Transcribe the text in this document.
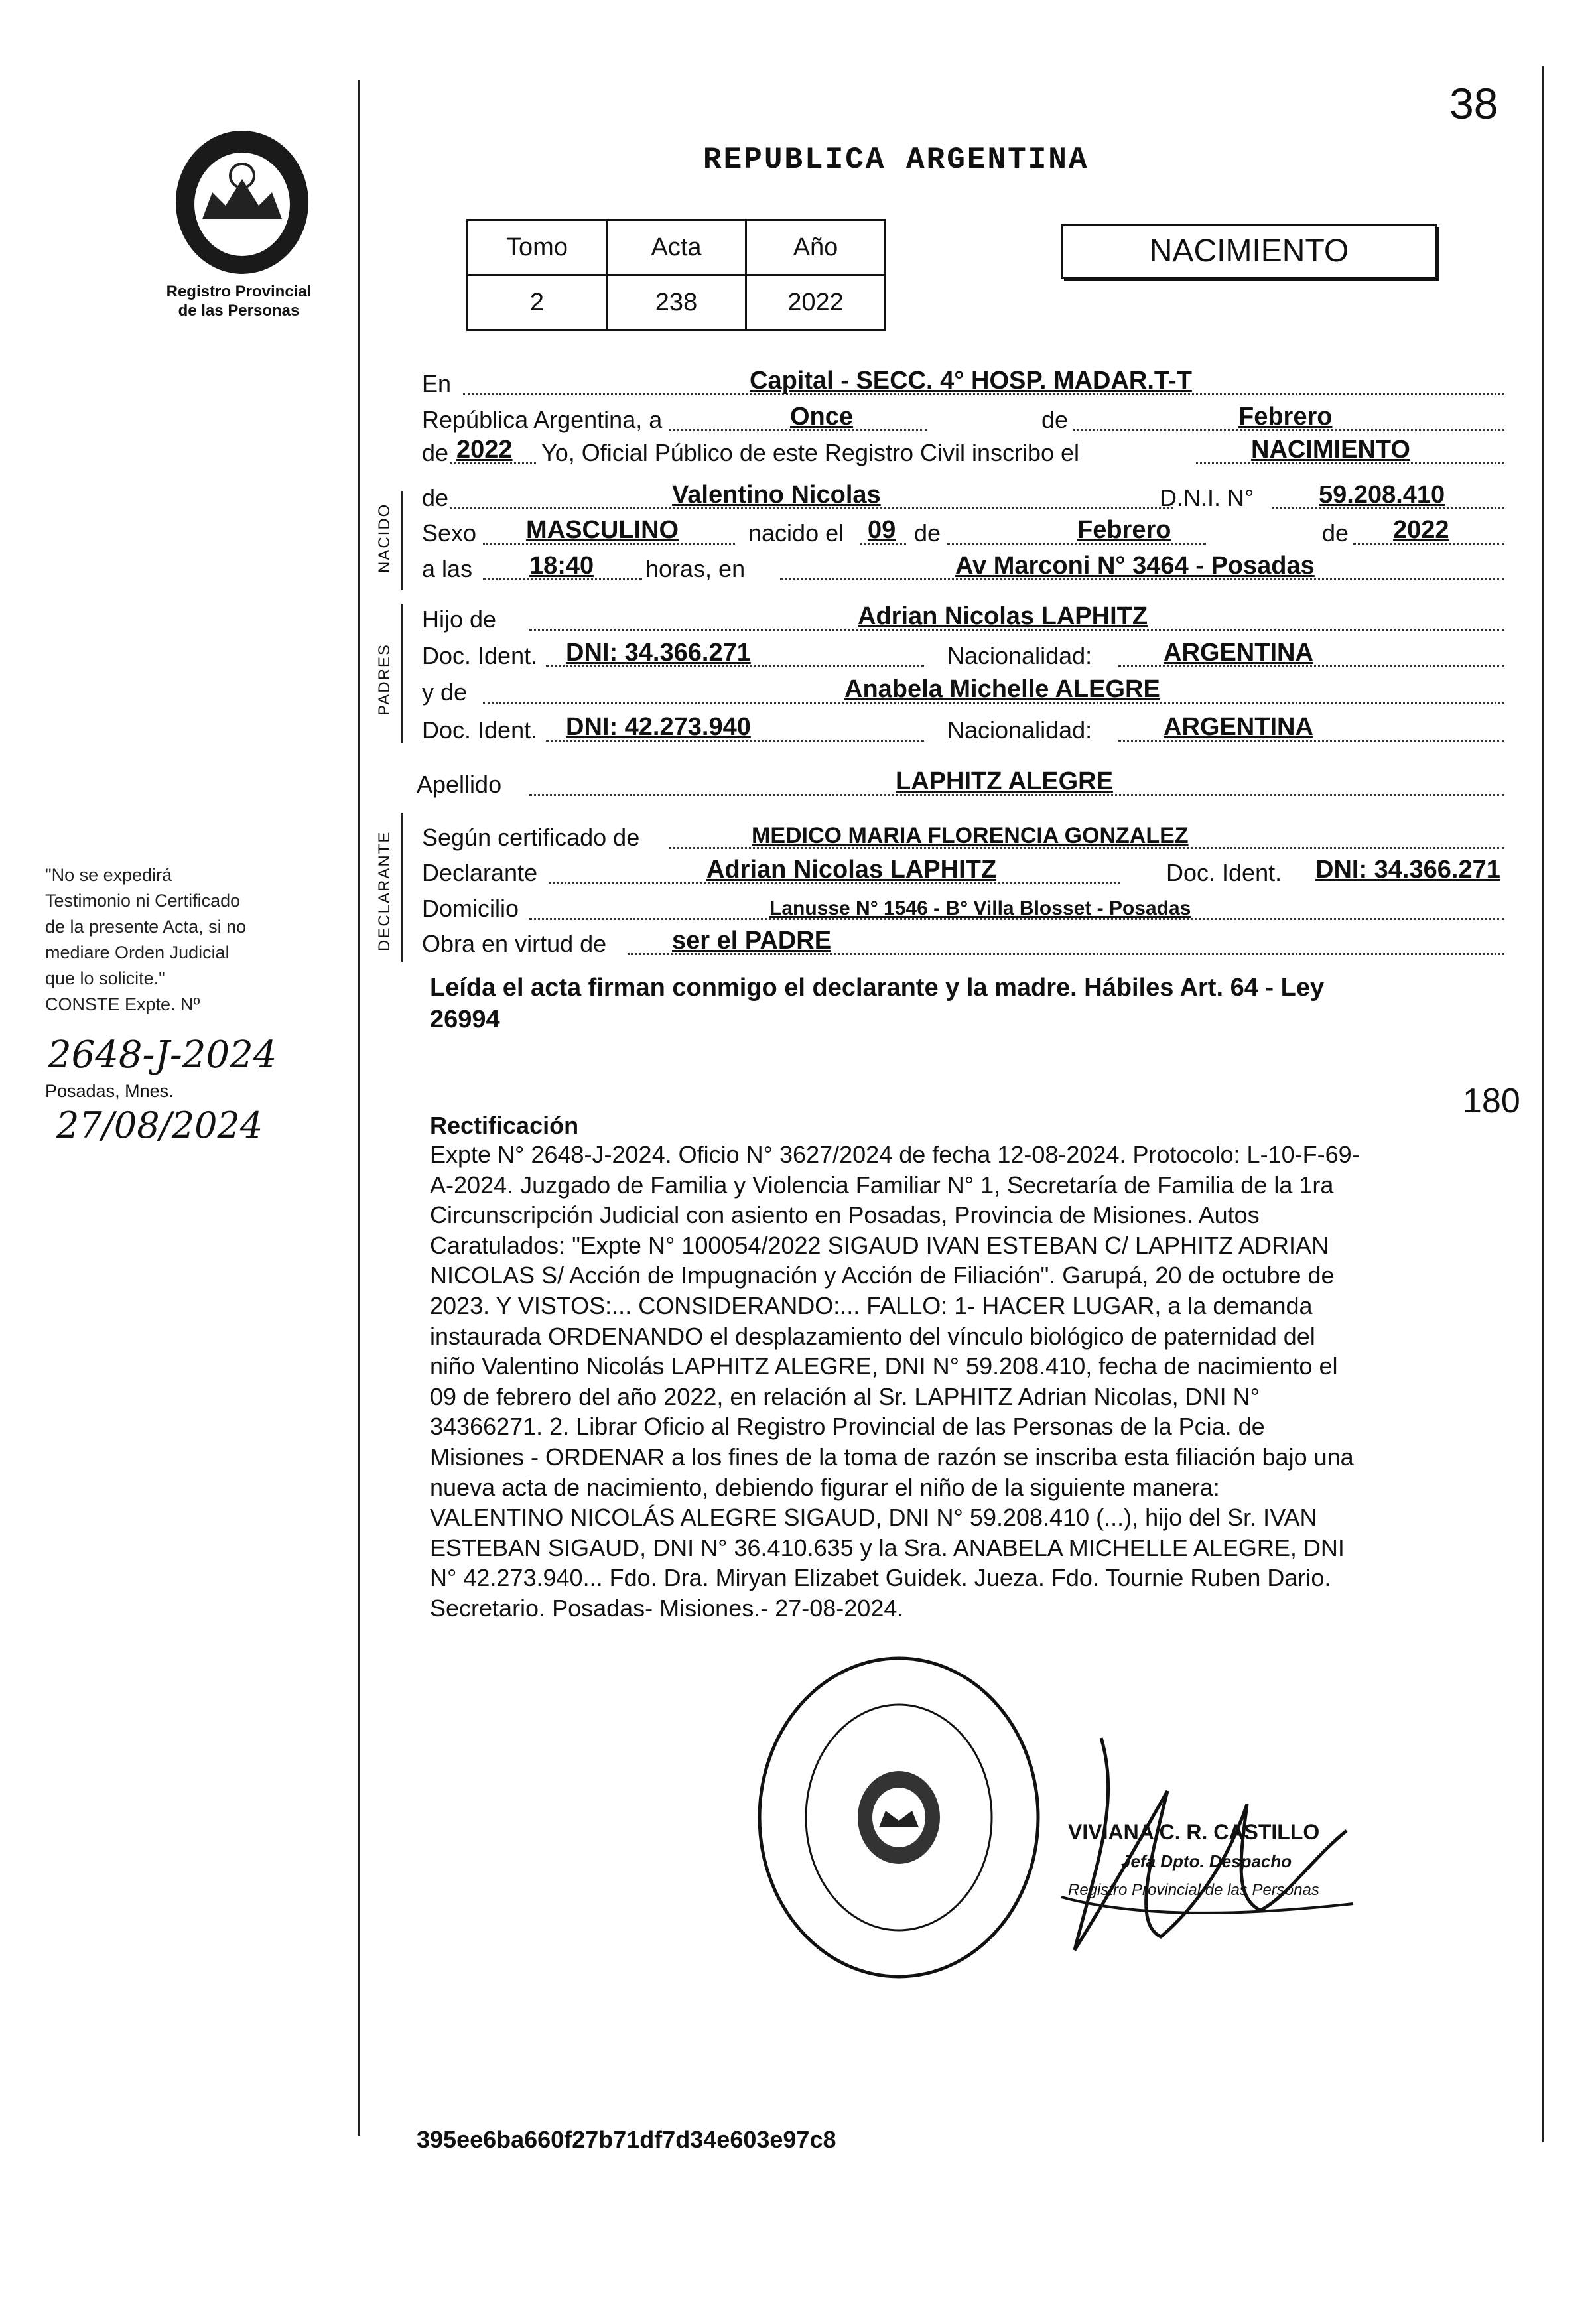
38
Registro Provincial
de las Personas
REPUBLICA ARGENTINA
Tomo	Acta	Año
2	238	2022
NACIMIENTO
NACIDO
PADRES
DECLARANTE
En	Capital - SECC. 4° HOSP. MADAR.T-T
República Argentina, a	Once	de	Febrero
de 2022 Yo, Oficial Público de este Registro Civil inscribo el	NACIMIENTO
de	Valentino Nicolas	D.N.I. N°	59.208.410
Sexo MASCULINO	nacido el 09 de	Febrero	de 2022
a las 18:40 horas, en	Av Marconi N° 3464 - Posadas
Hijo de	Adrian Nicolas LAPHITZ
Doc. Ident. DNI: 34.366.271	Nacionalidad:	ARGENTINA
y de	Anabela Michelle ALEGRE
Doc. Ident. DNI: 42.273.940	Nacionalidad:	ARGENTINA
Apellido	LAPHITZ ALEGRE
Según certificado de	MEDICO MARIA FLORENCIA GONZALEZ
Declarante	Adrian Nicolas LAPHITZ	Doc. Ident. DNI: 34.366.271
Domicilio	Lanusse N° 1546 - B° Villa Blosset - Posadas
Obra en virtud de	ser el PADRE
Leída el acta firman conmigo el declarante y la madre. Hábiles Art. 64 - Ley
26994

"No se expedirá

Testimonio ni Certificado

de la presente Acta, si no

mediare Orden Judicial

que lo solicite."

CONSTE Expte. Nº

2648-J-2024
Posadas, Mnes.
27/08/2024
180
Rectificación
Expte N° 2648-J-2024. Oficio N° 3627/2024 de fecha 12-08-2024. Protocolo: L-10-F-69-
A-2024. Juzgado de Familia y Violencia Familiar N° 1, Secretaría de Familia de la 1ra
Circunscripción Judicial con asiento en Posadas, Provincia de Misiones. Autos
Caratulados: "Expte N° 100054/2022 SIGAUD IVAN ESTEBAN C/ LAPHITZ ADRIAN
NICOLAS S/ Acción de Impugnación y Acción de Filiación". Garupá, 20 de octubre de
2023. Y VISTOS:... CONSIDERANDO:... FALLO: 1- HACER LUGAR, a la demanda
instaurada ORDENANDO el desplazamiento del vínculo biológico de paternidad del
niño Valentino Nicolás LAPHITZ ALEGRE, DNI N° 59.208.410, fecha de nacimiento el
09 de febrero del año 2022, en relación al Sr. LAPHITZ Adrian Nicolas, DNI N°
34366271. 2. Librar Oficio al Registro Provincial de las Personas de la Pcia. de
Misiones - ORDENAR a los fines de la toma de razón se inscriba esta filiación bajo una
nueva acta de nacimiento, debiendo figurar el niño de la siguiente manera:
VALENTINO NICOLÁS ALEGRE SIGAUD, DNI N° 59.208.410 (...), hijo del Sr. IVAN
ESTEBAN SIGAUD, DNI N° 36.410.635 y la Sra. ANABELA MICHELLE ALEGRE, DNI
N° 42.273.940... Fdo. Dra. Miryan Elizabet Guidek. Jueza. Fdo. Tournie Ruben Dario.
Secretario. Posadas- Misiones.- 27-08-2024.
VIVIANA C. R. CASTILLO
Jefa Dpto. Despacho
Registro Provincial de las Personas
395ee6ba660f27b71df7d34e603e97c8
